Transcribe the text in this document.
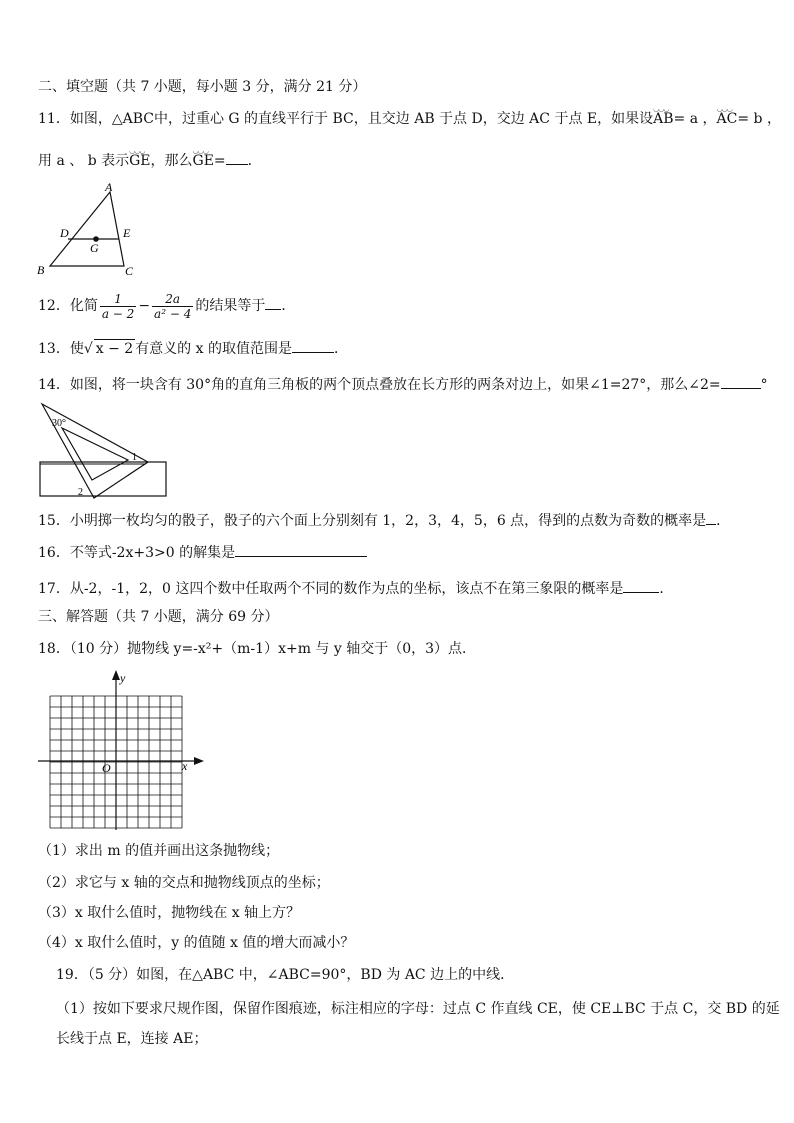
二、填空题（共 7 小题，每小题 3 分，满分 21 分）
11．如图，△ABC中，过重心 G 的直线平行于 BC，且交边 AB 于点 D，交边 AC 于点 E，如果设◡◡◡ AB= a ，◡◡◡ AC= b ，
用 a 、 b 表示◡◡◡ GE，那么◡◡◡ GE= ．
A
D	E
G
B	C
12．化简 $\frac{1}{a - 2} - \frac{2a}{\text{a² − 4}}$ 的结果等于 ．
13．使√ x − 2 有意义的 x 的取值范围是	．
14．如图，将一块含有 30°角的直角三角板的两个顶点叠放在长方形的两条对边上，如果∠1=27°，那么∠2=	°
30°
1
2
15．小明掷一枚均匀的骰子，骰子的六个面上分别刻有 1，2，3，4，5，6 点，得到的点数为奇数的概率是 ．
16．不等式-2x+3>0 的解集是
17．从-2，-1，2，0 这四个数中任取两个不同的数作为点的坐标，该点不在第三象限的概率是	．
三、解答题（共 7 小题，满分 69 分）
18．（10 分）抛物线 y=-x²+（m-1）x+m 与 y 轴交于（0，3）点．
y
x
O
（1）求出 m 的值并画出这条抛物线；
（2）求它与 x 轴的交点和抛物线顶点的坐标；
（3）x 取什么值时，抛物线在 x 轴上方？
（4）x 取什么值时，y 的值随 x 值的增大而减小？
19．（5 分）如图，在△ABC 中，∠ABC=90°，BD 为 AC 边上的中线．
（1）按如下要求尺规作图，保留作图痕迹，标注相应的字母：过点 C 作直线 CE，使 CE⊥BC 于点 C，交 BD 的延
长线于点 E，连接 AE；
